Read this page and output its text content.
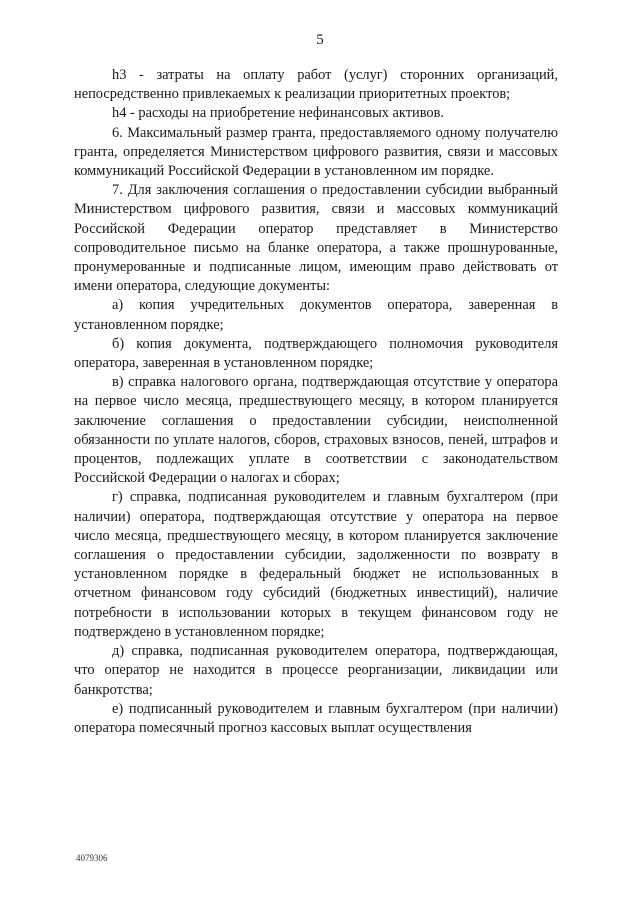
5

h3 - затраты на оплату работ (услуг) сторонних организаций, непосредственно привлекаемых к реализации приоритетных проектов;

h4 - расходы на приобретение нефинансовых активов.

6. Максимальный размер гранта, предоставляемого одному получателю гранта, определяется Министерством цифрового развития, связи и массовых коммуникаций Российской Федерации в установленном им порядке.

7. Для заключения соглашения о предоставлении субсидии выбранный Министерством цифрового развития, связи и массовых коммуникаций Российской Федерации оператор представляет в Министерство сопроводительное письмо на бланке оператора, а также прошнурованные, пронумерованные и подписанные лицом, имеющим право действовать от имени оператора, следующие документы:

а) копия учредительных документов оператора, заверенная в установленном порядке;

б) копия документа, подтверждающего полномочия руководителя оператора, заверенная в установленном порядке;

в) справка налогового органа, подтверждающая отсутствие у оператора на первое число месяца, предшествующего месяцу, в котором планируется заключение соглашения о предоставлении субсидии, неисполненной обязанности по уплате налогов, сборов, страховых взносов, пеней, штрафов и процентов, подлежащих уплате в соответствии с законодательством Российской Федерации о налогах и сборах;

г) справка, подписанная руководителем и главным бухгалтером (при наличии) оператора, подтверждающая отсутствие у оператора на первое число месяца, предшествующего месяцу, в котором планируется заключение соглашения о предоставлении субсидии, задолженности по возврату в установленном порядке в федеральный бюджет не использованных в отчетном финансовом году субсидий (бюджетных инвестиций), наличие потребности в использовании которых в текущем финансовом году не подтверждено в установленном порядке;

д) справка, подписанная руководителем оператора, подтверждающая, что оператор не находится в процессе реорганизации, ликвидации или банкротства;

е) подписанный руководителем и главным бухгалтером (при наличии) оператора помесячный прогноз кассовых выплат осуществления

4079306
